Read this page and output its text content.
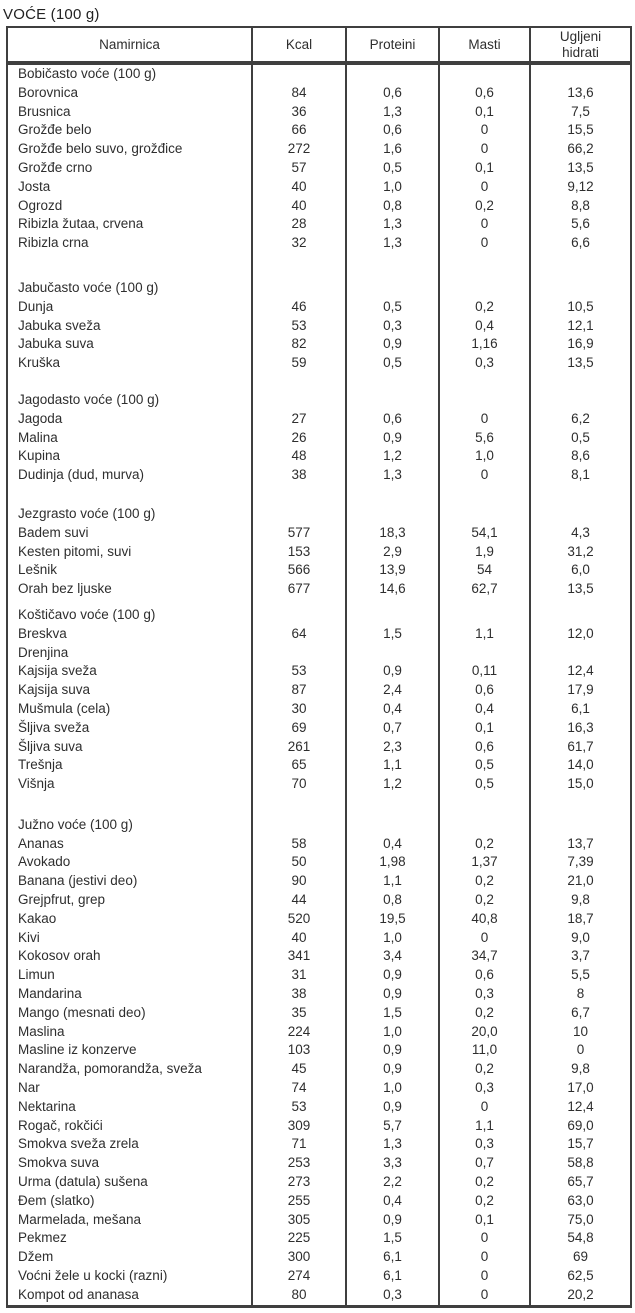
VOĆE (100 g)
Namirnica	Kcal	Proteini	Masti	Ugljeni hidrati
Bobičasto voće (100 g)				
Borovnica	84	0,6	0,6	13,6
Brusnica	36	1,3	0,1	7,5
Grožđe belo	66	0,6	0	15,5
Grožđe belo suvo, grožđice	272	1,6	0	66,2
Grožđe crno	57	0,5	0,1	13,5
Josta	40	1,0	0	9,12
Ogrozd	40	0,8	0,2	8,8
Ribizla žutaa, crvena	28	1,3	0	5,6
Ribizla crna	32	1,3	0	6,6

Jabučasto voće (100 g)				
Dunja	46	0,5	0,2	10,5
Jabuka sveža	53	0,3	0,4	12,1
Jabuka suva	82	0,9	1,16	16,9
Kruška	59	0,5	0,3	13,5

Jagodasto voće (100 g)				
Jagoda	27	0,6	0	6,2
Malina	26	0,9	5,6	0,5
Kupina	48	1,2	1,0	8,6
Dudinja (dud, murva)	38	1,3	0	8,1

Jezgrasto voće (100 g)				
Badem suvi	577	18,3	54,1	4,3
Kesten pitomi, suvi	153	2,9	1,9	31,2
Lešnik	566	13,9	54	6,0
Orah bez ljuske	677	14,6	62,7	13,5

Koštičavo voće (100 g)				
Breskva	64	1,5	1,1	12,0
Drenjina				
Kajsija sveža	53	0,9	0,11	12,4
Kajsija suva	87	2,4	0,6	17,9
Mušmula (cela)	30	0,4	0,4	6,1
Šljiva sveža	69	0,7	0,1	16,3
Šljiva suva	261	2,3	0,6	61,7
Trešnja	65	1,1	0,5	14,0
Višnja	70	1,2	0,5	15,0

Južno voće (100 g)				
Ananas	58	0,4	0,2	13,7
Avokado	50	1,98	1,37	7,39
Banana (jestivi deo)	90	1,1	0,2	21,0
Grejpfrut, grep	44	0,8	0,2	9,8
Kakao	520	19,5	40,8	18,7
Kivi	40	1,0	0	9,0
Kokosov orah	341	3,4	34,7	3,7
Limun	31	0,9	0,6	5,5
Mandarina	38	0,9	0,3	8
Mango (mesnati deo)	35	1,5	0,2	6,7
Maslina	224	1,0	20,0	10
Masline iz konzerve	103	0,9	11,0	0
Narandža, pomorandža, sveža	45	0,9	0,2	9,8
Nar	74	1,0	0,3	17,0
Nektarina	53	0,9	0	12,4
Rogač, rokčići	309	5,7	1,1	69,0
Smokva sveža zrela	71	1,3	0,3	15,7
Smokva suva	253	3,3	0,7	58,8
Urma (datula) sušena	273	2,2	0,2	65,7
Đem (slatko)	255	0,4	0,2	63,0
Marmelada, mešana	305	0,9	0,1	75,0
Pekmez	225	1,5	0	54,8
Džem	300	6,1	0	69
Voćni žele u kocki (razni)	274	6,1	0	62,5
Kompot od ananasa	80	0,3	0	20,2
